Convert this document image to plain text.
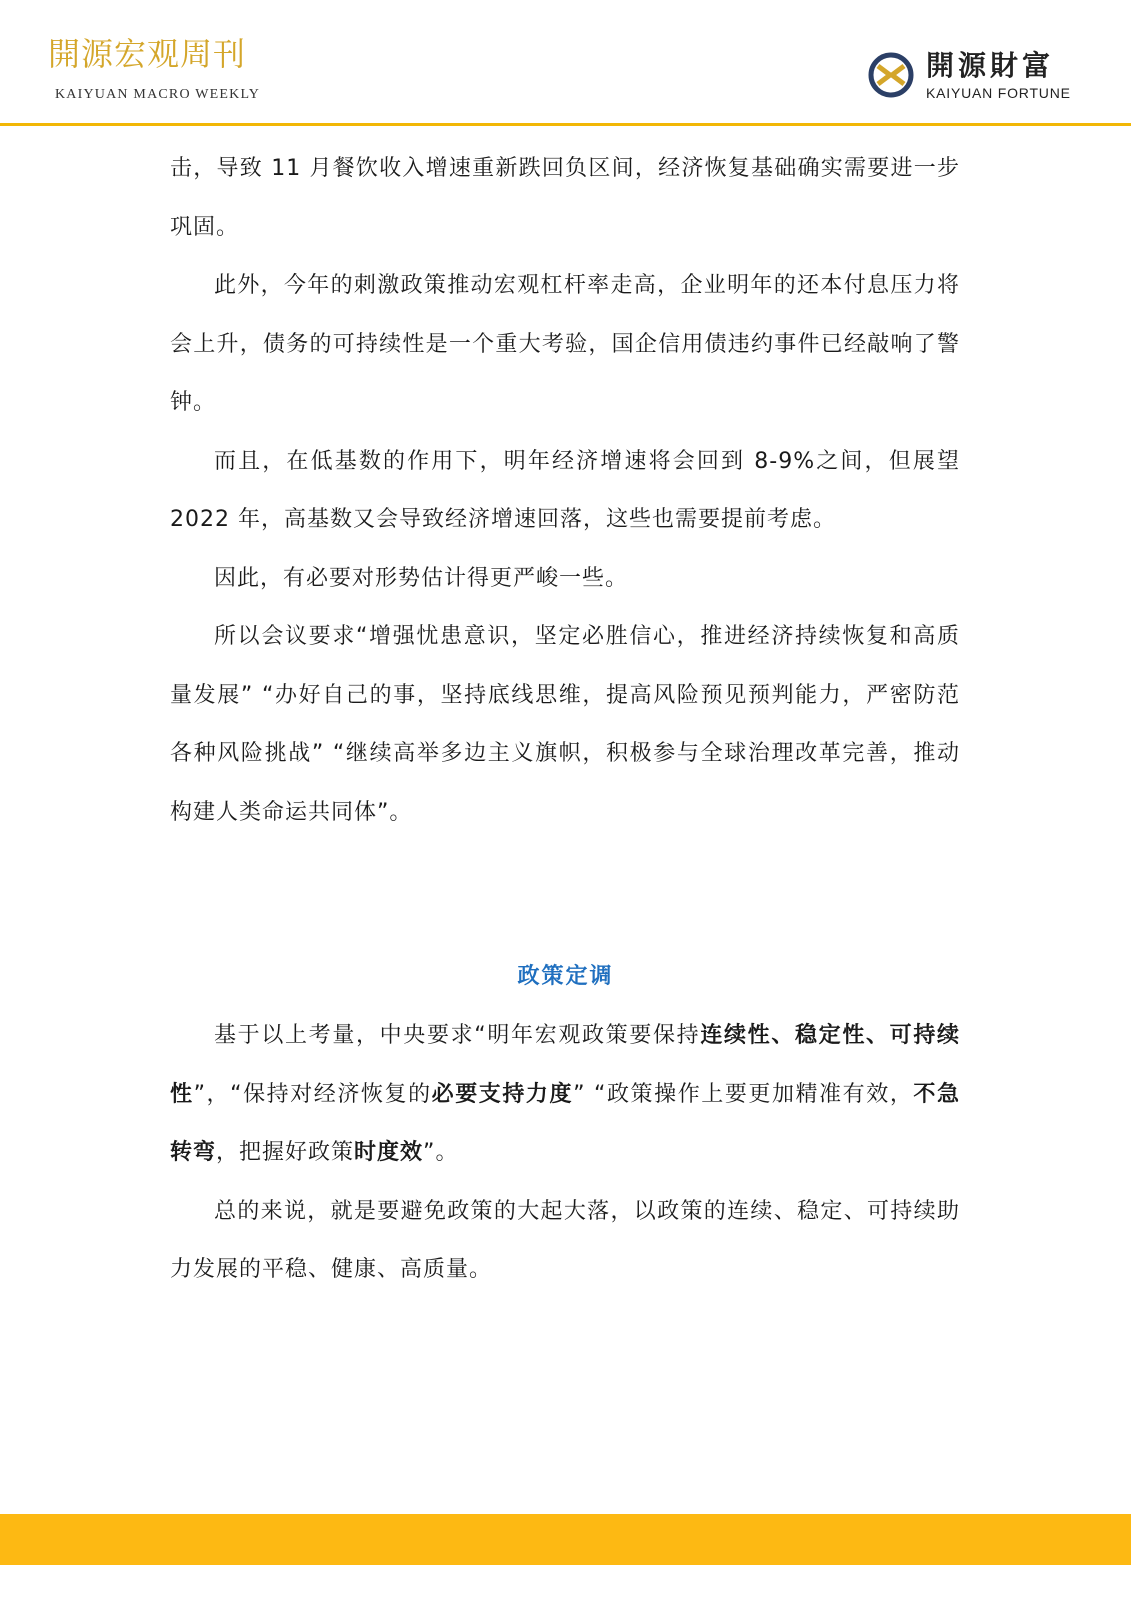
開源宏观周刊
KAIYUAN MACRO WEEKLY
開源財富
KAIYUAN FORTUNE

击，导致 11 月餐饮收入增速重新跌回负区间，经济恢复基础确实需要进一步巩固。

此外，今年的刺激政策推动宏观杠杆率走高，企业明年的还本付息压力将会上升，债务的可持续性是一个重大考验，国企信用债违约事件已经敲响了警钟。

而且，在低基数的作用下，明年经济增速将会回到 8-9%之间，但展望 2022 年，高基数又会导致经济增速回落，这些也需要提前考虑。

因此，有必要对形势估计得更严峻一些。

所以会议要求“增强忧患意识，坚定必胜信心，推进经济持续恢复和高质量发展” “办好自己的事，坚持底线思维，提高风险预见预判能力，严密防范各种风险挑战” “继续高举多边主义旗帜，积极参与全球治理改革完善，推动构建人类命运共同体”。

政策定调

基于以上考量，中央要求“明年宏观政策要保持连续性、稳定性、可持续性”，“保持对经济恢复的必要支持力度” “政策操作上要更加精准有效，不急转弯，把握好政策时度效”。

总的来说，就是要避免政策的大起大落，以政策的连续、稳定、可持续助力发展的平稳、健康、高质量。
